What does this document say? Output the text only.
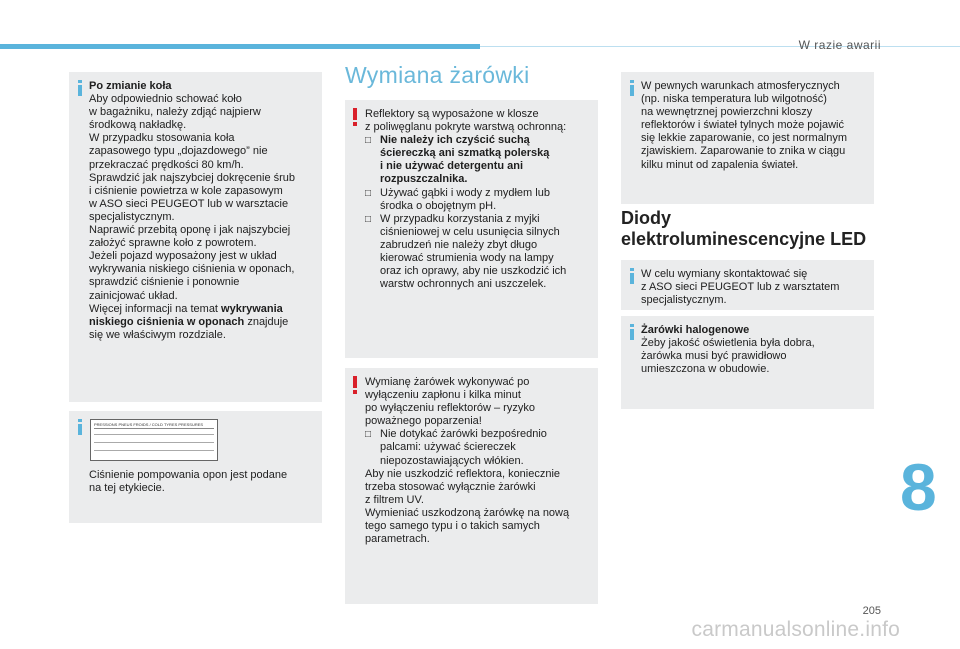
W razie awarii

Po zmianie koła

Aby odpowiednio schować koło
w bagażniku, należy zdjąć najpierw
środkową nakładkę.
W przypadku stosowania koła
zapasowego typu „dojazdowego” nie
przekraczać prędkości 80 km/h.
Sprawdzić jak najszybciej dokręcenie śrub
i ciśnienie powietrza w kole zapasowym
w ASO sieci PEUGEOT lub w warsztacie
specjalistycznym.
Naprawić przebitą oponę i jak najszybciej
założyć sprawne koło z powrotem.
Jeżeli pojazd wyposażony jest w układ
wykrywania niskiego ciśnienia w oponach,
sprawdzić ciśnienie i ponownie
zainicjować układ.
Więcej informacji na temat wykrywania
niskiego ciśnienia w oponach znajduje
się we właściwym rozdziale.

Ciśnienie pompowania opon jest podane
na tej etykiecie.

PRESSIONS PNEUS FROIDS / COLD TYRES PRESSURES
Wymiana żarówki

Reflektory są wyposażone w klosze
z poliwęglanu pokryte warstwą ochronną:

□ Nie należy ich czyścić suchą
ściereczką ani szmatką polerską
i nie używać detergentu ani
rozpuszczalnika.
□ Używać gąbki i wody z mydłem lub
środka o obojętnym pH.
□ W przypadku korzystania z myjki
ciśnieniowej w celu usunięcia silnych
zabrudzeń nie należy zbyt długo
kierować strumienia wody na lampy
oraz ich oprawy, aby nie uszkodzić ich
warstw ochronnych ani uszczelek.

Wymianę żarówek wykonywać po
wyłączeniu zapłonu i kilka minut
po wyłączeniu reflektorów – ryzyko
poważnego poparzenia!

□ Nie dotykać żarówki bezpośrednio
palcami: używać ściereczek
niepozostawiających włókien.

Aby nie uszkodzić reflektora, koniecznie
trzeba stosować wyłącznie żarówki
z filtrem UV.
Wymieniać uszkodzoną żarówkę na nową
tego samego typu i o takich samych
parametrach.

W pewnych warunkach atmosferycznych
(np. niska temperatura lub wilgotność)
na wewnętrznej powierzchni kloszy
reflektorów i świateł tylnych może pojawić
się lekkie zaparowanie, co jest normalnym
zjawiskiem. Zaparowanie to znika w ciągu
kilku minut od zapalenia świateł.

Diody
elektroluminescencyjne LED

W celu wymiany skontaktować się
z ASO sieci PEUGEOT lub z warsztatem
specjalistycznym.

Żarówki halogenowe

Żeby jakość oświetlenia była dobra,
żarówka musi być prawidłowo
umieszczona w obudowie.

8
205
carmanualsonline.info
